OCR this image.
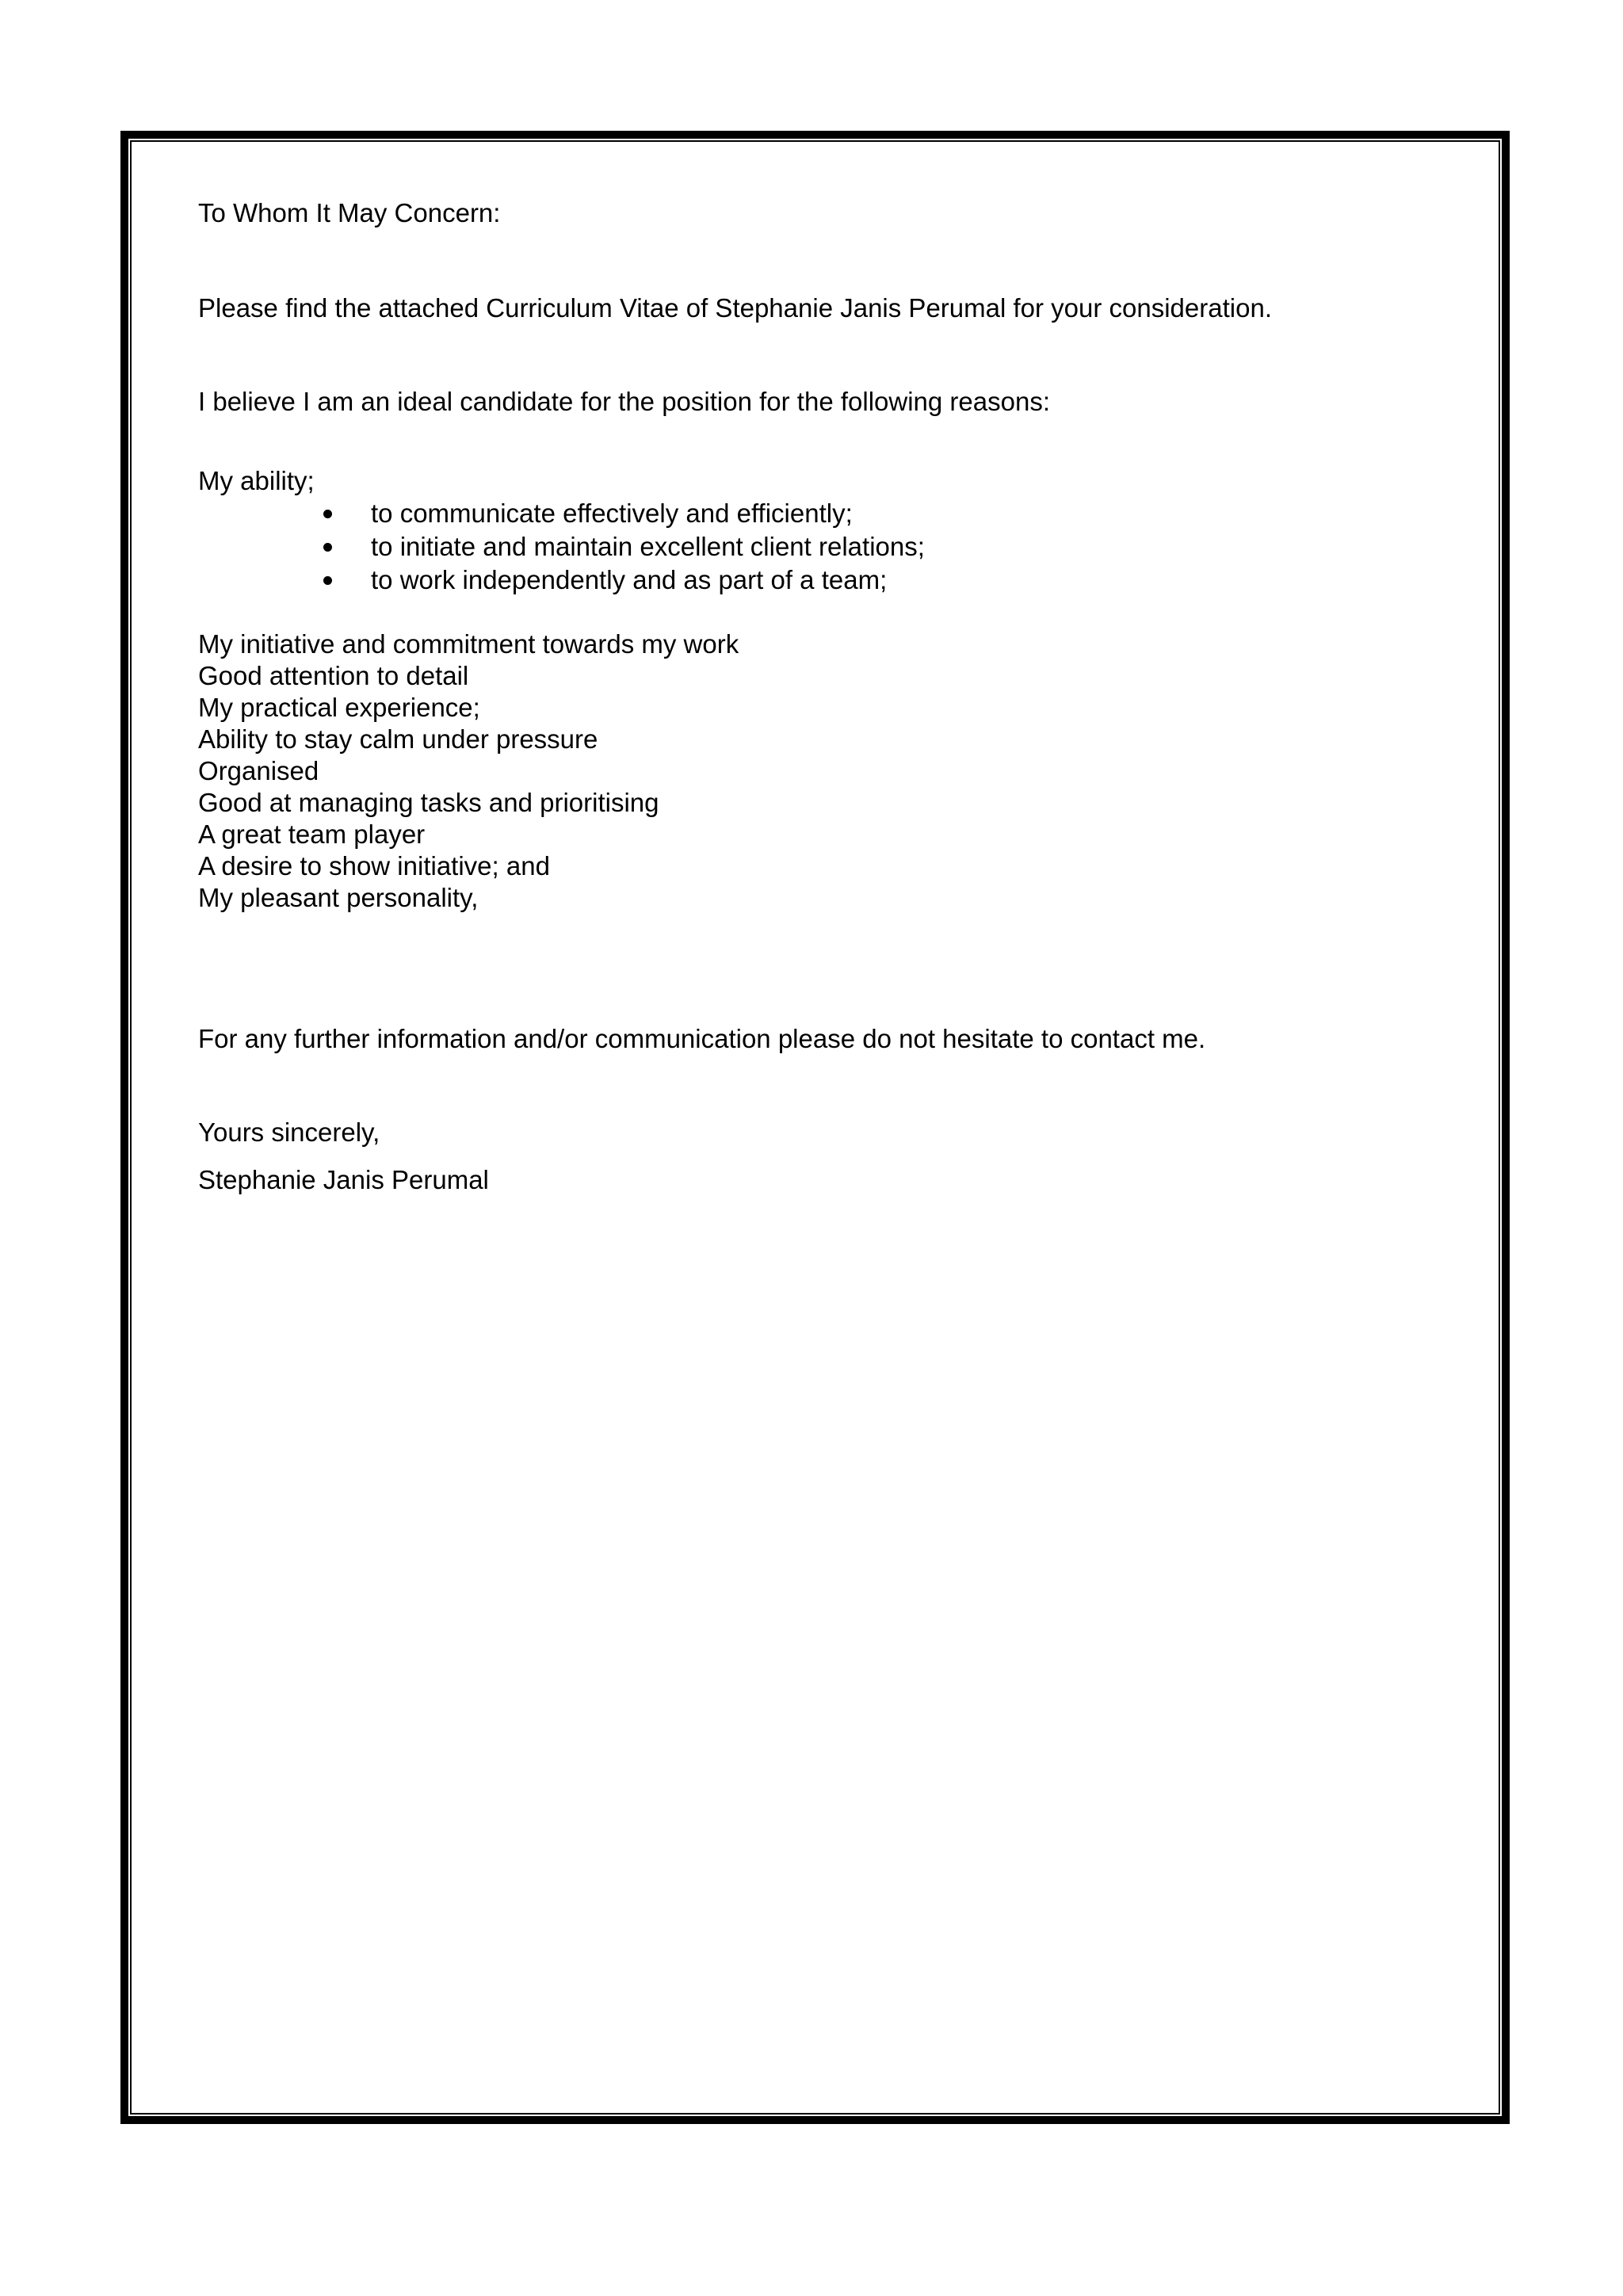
To Whom It May Concern:
Please find the attached Curriculum Vitae of Stephanie Janis Perumal for your consideration.
I believe I am an ideal candidate for the position for the following reasons:
My ability;
to communicate effectively and efficiently;
to initiate and maintain excellent client relations;
to work independently and as part of a team;
My initiative and commitment towards my work
Good attention to detail
My practical experience;
Ability to stay calm under pressure
Organised
Good at managing tasks and prioritising
A great team player
A desire to show initiative; and
My pleasant personality,
For any further information and/or communication please do not hesitate to contact me.
Yours sincerely,
Stephanie Janis Perumal
